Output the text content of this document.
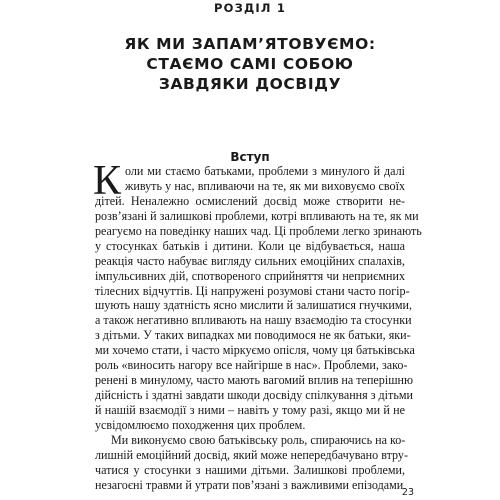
РОЗДІЛ 1
ЯК МИ ЗАПАМ’ЯТОВУЄМО:
СТАЄМО САМІ СОБОЮ
ЗАВДЯКИ ДОСВІДУ
Вступ
К оли ми стаємо батьками, проблеми з минулого й далі
живуть у нас, впливаючи на те, як ми виховуємо своїх
дітей. Неналежно осмислений досвід може створити не-
розв’язані й залишкові проблеми, котрі впливають на те, як ми
реагуємо на поведінку наших чад. Ці проблеми легко зринають
у стосунках батьків і дитини. Коли це відбувається, наша
реакція часто набуває вигляду сильних емоційних спалахів,
імпульсивних дій, спотвореного сприйняття чи неприємних
тілесних відчуттів. Ці напружені розумові стани часто погір-
шують нашу здатність ясно мислити й залишатися гнучкими,
а також негативно впливають на нашу взаємодію та стосунки
з дітьми. У таких випадках ми поводимося не як батьки, яки-
ми хочемо стати, і часто міркуємо опісля, чому ця батьківська
роль «виносить нагору все найгірше в нас». Проблеми, зако-
ренені в минулому, часто мають вагомий вплив на теперішню
дійсність і здатні завдати шкоди досвіду спілкування з дітьми
й нашій взаємодії з ними – навіть у тому разі, якщо ми й не
усвідомлюємо походження цих проблем.
Ми виконуємо свою батьківську роль, спираючись на ко-
лишній емоційний досвід, який може непередбачувано втру-
чатися у стосунки з нашими дітьми. Залишкові проблеми,
незагоєні травми й утрати пов’язані з важливими епізодами
23
